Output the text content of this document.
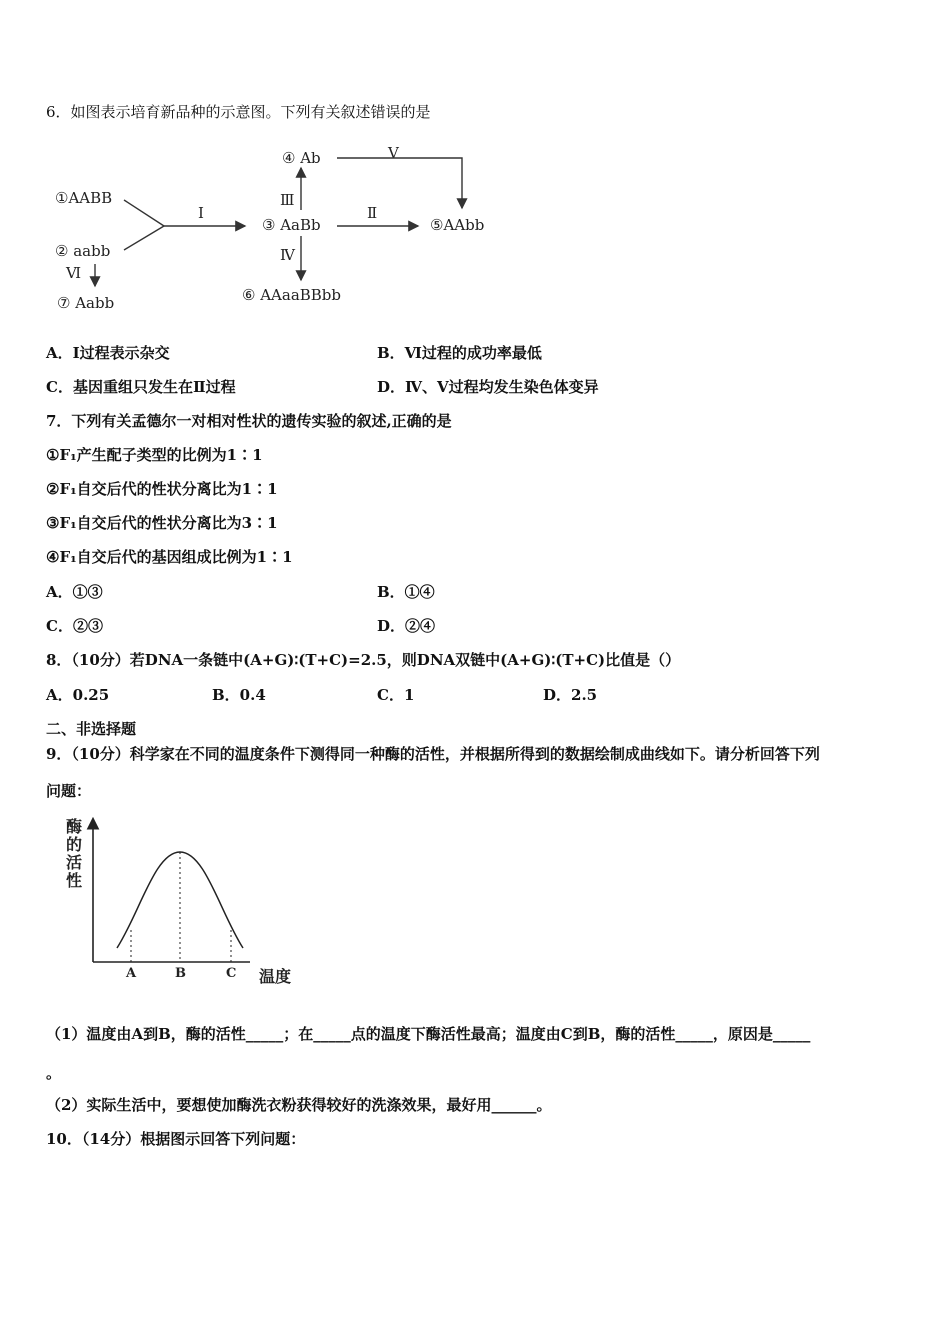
6．如图表示培育新品种的示意图。下列有关叙述错误的是
①AABB
② aabb
③ AaBb
④ Ab
⑤AAbb
⑥ AAaaBBbb
⑦ Aabb
Ⅰ	Ⅱ
Ⅲ
Ⅳ
Ⅴ
Ⅵ
A．Ⅰ过程表示杂交	B．Ⅵ过程的成功率最低
C．基因重组只发生在Ⅱ过程	D．Ⅳ、Ⅴ过程均发生染色体变异
7．下列有关孟德尔一对相对性状的遗传实验的叙述,正确的是
①F₁产生配子类型的比例为1∶1
②F₁自交后代的性状分离比为1∶1
③F₁自交后代的性状分离比为3∶1
④F₁自交后代的基因组成比例为1∶1
A．①③	B．①④
C．②③	D．②④
8．（10分）若DNA一条链中(A+G)∶(T+C)=2.5，则DNA双链中(A+G)∶(T+C)比值是（）
A．0.25	B．0.4	C．1	D．2.5
二、非选择题
9．（10分）科学家在不同的温度条件下测得同一种酶的活性，并根据所得到的数据绘制成曲线如下。请分析回答下列
问题：
酶的活性
A	B	C 温度
（1）温度由A到B，酶的活性_____；在_____点的温度下酶活性最高；温度由C到B，酶的活性_____，原因是_____
。
（2）实际生活中，要想使加酶洗衣粉获得较好的洗涤效果，最好用______。
10．（14分）根据图示回答下列问题：
